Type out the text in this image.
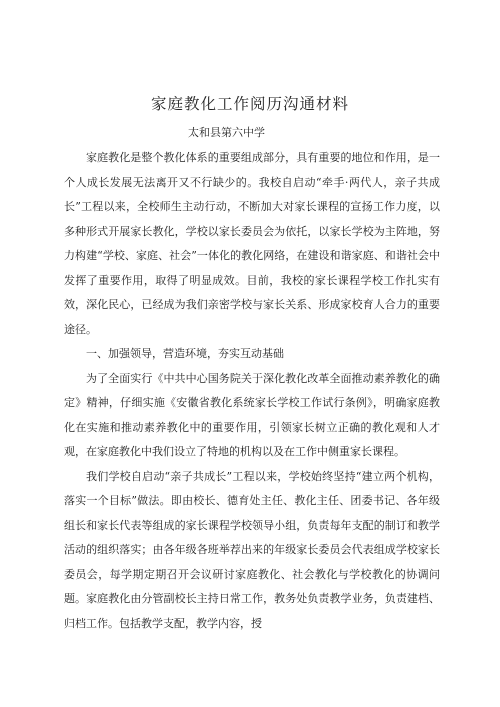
家庭教化工作阅历沟通材料
太和县第六中学

家庭教化是整个教化体系的重要组成部分，具有重要的地位和作用，是一个人成长发展无法离开又不行缺少的。我校自启动“牵手·两代人，亲子共成长”工程以来，全校师生主动行动，不断加大对家长课程的宣扬工作力度，以多种形式开展家长教化，学校以家长委员会为依托，以家长学校为主阵地，努力构建“学校、家庭、社会”一体化的教化网络，在建设和谐家庭、和谐社会中发挥了重要作用，取得了明显成效。目前，我校的家长课程学校工作扎实有效，深化民心，已经成为我们亲密学校与家长关系、形成家校育人合力的重要途径。

一、加强领导，营造环境，夯实互动基础

为了全面实行《中共中心国务院关于深化教化改革全面推动素养教化的确定》精神，仔细实施《安徽省教化系统家长学校工作试行条例》，明确家庭教化在实施和推动素养教化中的重要作用，引领家长树立正确的教化观和人才观，在家庭教化中我们设立了特地的机构以及在工作中侧重家长课程。

我们学校自启动“亲子共成长”工程以来，学校始终坚持“建立两个机构，落实一个目标”做法。即由校长、德育处主任、教化主任、团委书记、各年级组长和家长代表等组成的家长课程学校领导小组，负责每年支配的制订和教学活动的组织落实；由各年级各班举荐出来的年级家长委员会代表组成学校家长委员会，每学期定期召开会议研讨家庭教化、社会教化与学校教化的协调问题。家庭教化由分管副校长主持日常工作，教务处负责教学业务，负责建档、归档工作。包括教学支配，教学内容，授
